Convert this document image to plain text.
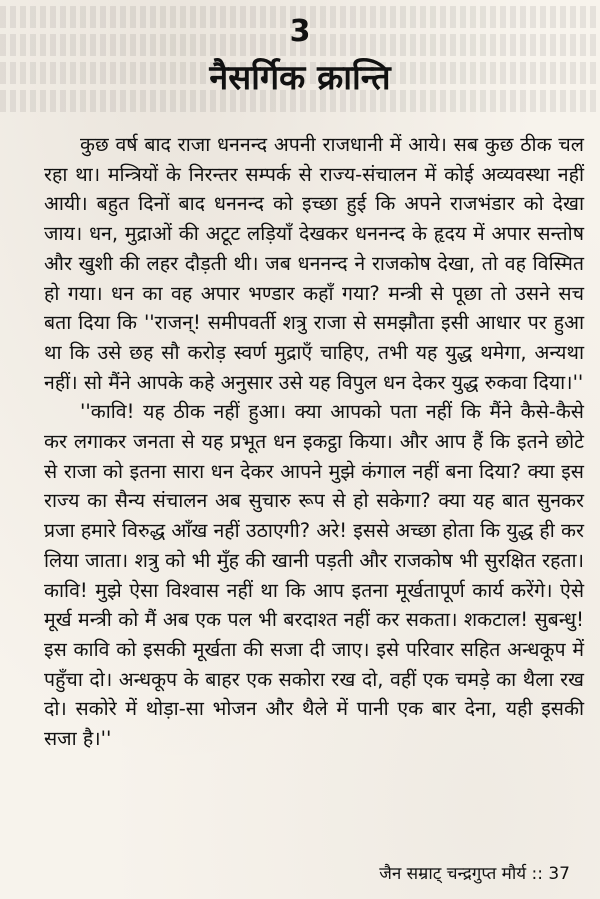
3
नैसर्गिक क्रान्ति

कुछ वर्ष बाद राजा धननन्द अपनी राजधानी में आये। सब कुछ ठीक चल रहा था। मन्त्रियों के निरन्तर सम्पर्क से राज्य-संचालन में कोई अव्यवस्था नहीं आयी। बहुत दिनों बाद धननन्द को इच्छा हुई कि अपने राजभंडार को देखा जाय। धन, मुद्राओं की अटूट लड़ियाँ देखकर धननन्द के हृदय में अपार सन्तोष और खुशी की लहर दौड़ती थी। जब धननन्द ने राजकोष देखा, तो वह विस्मित हो गया। धन का वह अपार भण्डार कहाँ गया? मन्त्री से पूछा तो उसने सच बता दिया कि ''राजन्! समीपवर्ती शत्रु राजा से समझौता इसी आधार पर हुआ था कि उसे छह सौ करोड़ स्वर्ण मुद्राएँ चाहिए, तभी यह युद्ध थमेगा, अन्यथा नहीं। सो मैंने आपके कहे अनुसार उसे यह विपुल धन देकर युद्ध रुकवा दिया।''

''कावि! यह ठीक नहीं हुआ। क्या आपको पता नहीं कि मैंने कैसे-कैसे कर लगाकर जनता से यह प्रभूत धन इकट्ठा किया। और आप हैं कि इतने छोटे से राजा को इतना सारा धन देकर आपने मुझे कंगाल नहीं बना दिया? क्या इस राज्य का सैन्य संचालन अब सुचारु रूप से हो सकेगा? क्या यह बात सुनकर प्रजा हमारे विरुद्ध आँख नहीं उठाएगी? अरे! इससे अच्छा होता कि युद्ध ही कर लिया जाता। शत्रु को भी मुँह की खानी पड़ती और राजकोष भी सुरक्षित रहता। कावि! मुझे ऐसा विश्वास नहीं था कि आप इतना मूर्खतापूर्ण कार्य करेंगे। ऐसे मूर्ख मन्त्री को मैं अब एक पल भी बरदाश्त नहीं कर सकता। शकटाल! सुबन्धु! इस कावि को इसकी मूर्खता की सजा दी जाए। इसे परिवार सहित अन्धकूप में पहुँचा दो। अन्धकूप के बाहर एक सकोरा रख दो, वहीं एक चमड़े का थैला रख दो। सकोरे में थोड़ा-सा भोजन और थैले में पानी एक बार देना, यही इसकी सजा है।''

जैन सम्राट् चन्द्रगुप्त मौर्य :: 37
